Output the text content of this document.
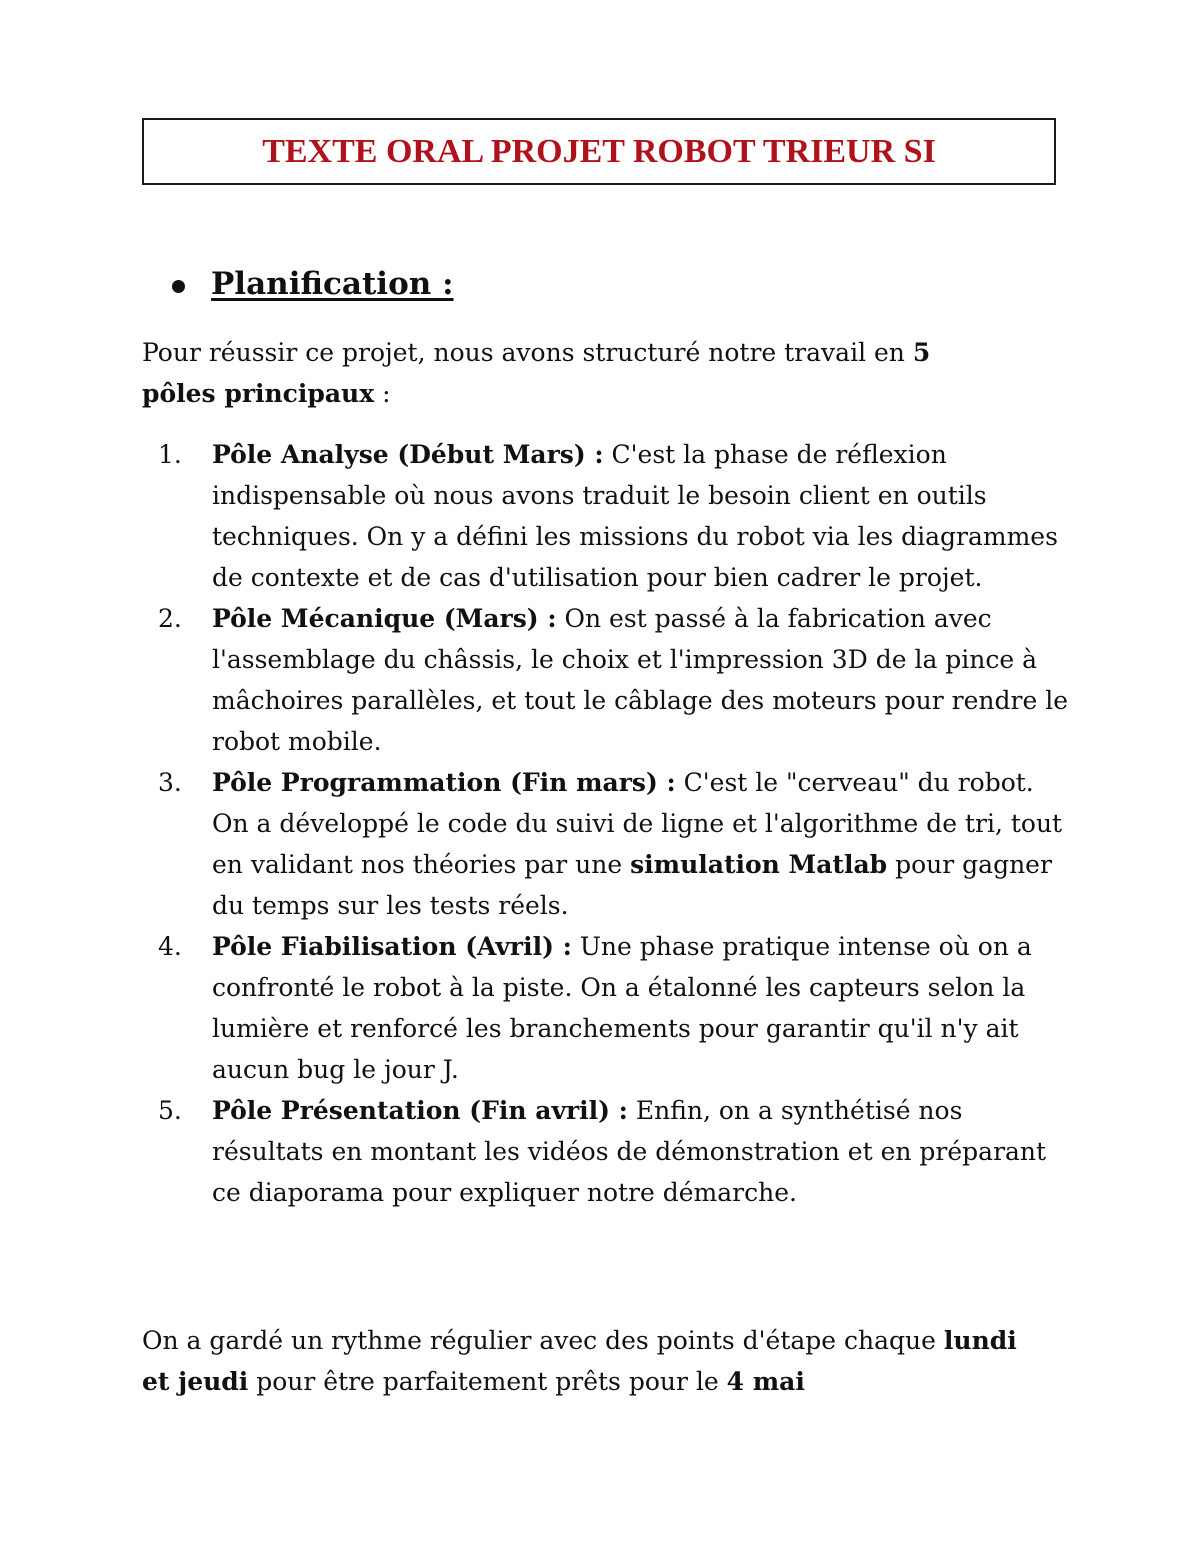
TEXTE ORAL PROJET ROBOT TRIEUR SI
Planification :

Pour réussir ce projet, nous avons structuré notre travail en 5
pôles principaux :

1.	Pôle Analyse (Début Mars) : C'est la phase de réflexion indispensable où nous avons traduit le besoin client en outils techniques. On y a défini les missions du robot via les diagrammes de contexte et de cas d'utilisation pour bien cadrer le projet.
2.	Pôle Mécanique (Mars) : On est passé à la fabrication avec l'assemblage du châssis, le choix et l'impression 3D de la pince à mâchoires parallèles, et tout le câblage des moteurs pour rendre le robot mobile.
3.	Pôle Programmation (Fin mars) : C'est le "cerveau" du robot. On a développé le code du suivi de ligne et l'algorithme de tri, tout en validant nos théories par une simulation Matlab pour gagner du temps sur les tests réels.
4.	Pôle Fiabilisation (Avril) : Une phase pratique intense où on a confronté le robot à la piste. On a étalonné les capteurs selon la lumière et renforcé les branchements pour garantir qu'il n'y ait aucun bug le jour J.
5.	Pôle Présentation (Fin avril) : Enfin, on a synthétisé nos résultats en montant les vidéos de démonstration et en préparant ce diaporama pour expliquer notre démarche.

On a gardé un rythme régulier avec des points d'étape chaque lundi et jeudi pour être parfaitement prêts pour le 4 mai
